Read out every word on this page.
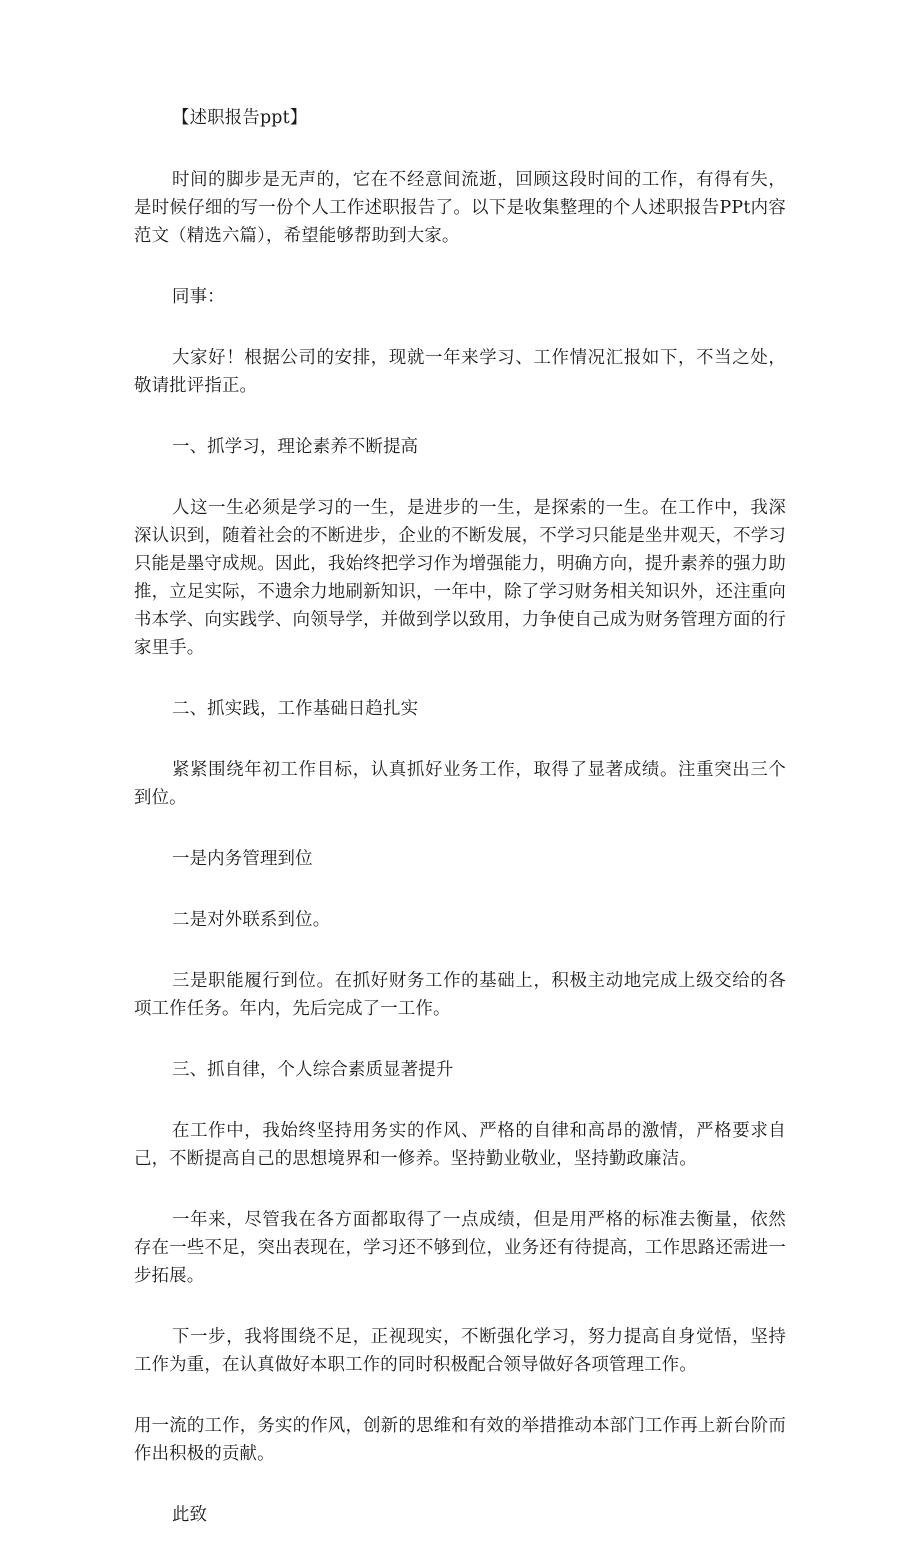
【述职报告ppt】

时间的脚步是无声的，它在不经意间流逝，回顾这段时间的工作，有得有失，是时候仔细的写一份个人工作述职报告了。以下是收集整理的个人述职报告PPt内容范文（精选六篇），希望能够帮助到大家。

同事：

大家好！根据公司的安排，现就一年来学习、工作情况汇报如下，不当之处，敬请批评指正。

一、抓学习，理论素养不断提高

人这一生必须是学习的一生，是进步的一生，是探索的一生。在工作中，我深深认识到，随着社会的不断进步，企业的不断发展，不学习只能是坐井观天，不学习只能是墨守成规。因此，我始终把学习作为增强能力，明确方向，提升素养的强力助推，立足实际，不遗余力地刷新知识，一年中，除了学习财务相关知识外，还注重向书本学、向实践学、向领导学，并做到学以致用，力争使自己成为财务管理方面的行家里手。

二、抓实践，工作基础日趋扎实

紧紧围绕年初工作目标，认真抓好业务工作，取得了显著成绩。注重突出三个到位。

一是内务管理到位

二是对外联系到位。

三是职能履行到位。在抓好财务工作的基础上，积极主动地完成上级交给的各项工作任务。年内，先后完成了一工作。

三、抓自律，个人综合素质显著提升

在工作中，我始终坚持用务实的作风、严格的自律和高昂的激情，严格要求自己，不断提高自己的思想境界和一修养。坚持勤业敬业，坚持勤政廉洁。

一年来，尽管我在各方面都取得了一点成绩，但是用严格的标准去衡量，依然存在一些不足，突出表现在，学习还不够到位，业务还有待提高，工作思路还需进一步拓展。

下一步，我将围绕不足，正视现实，不断强化学习，努力提高自身觉悟，坚持工作为重，在认真做好本职工作的同时积极配合领导做好各项管理工作。

用一流的工作，务实的作风，创新的思维和有效的举措推动本部门工作再上新台阶而作出积极的贡献。

此致
